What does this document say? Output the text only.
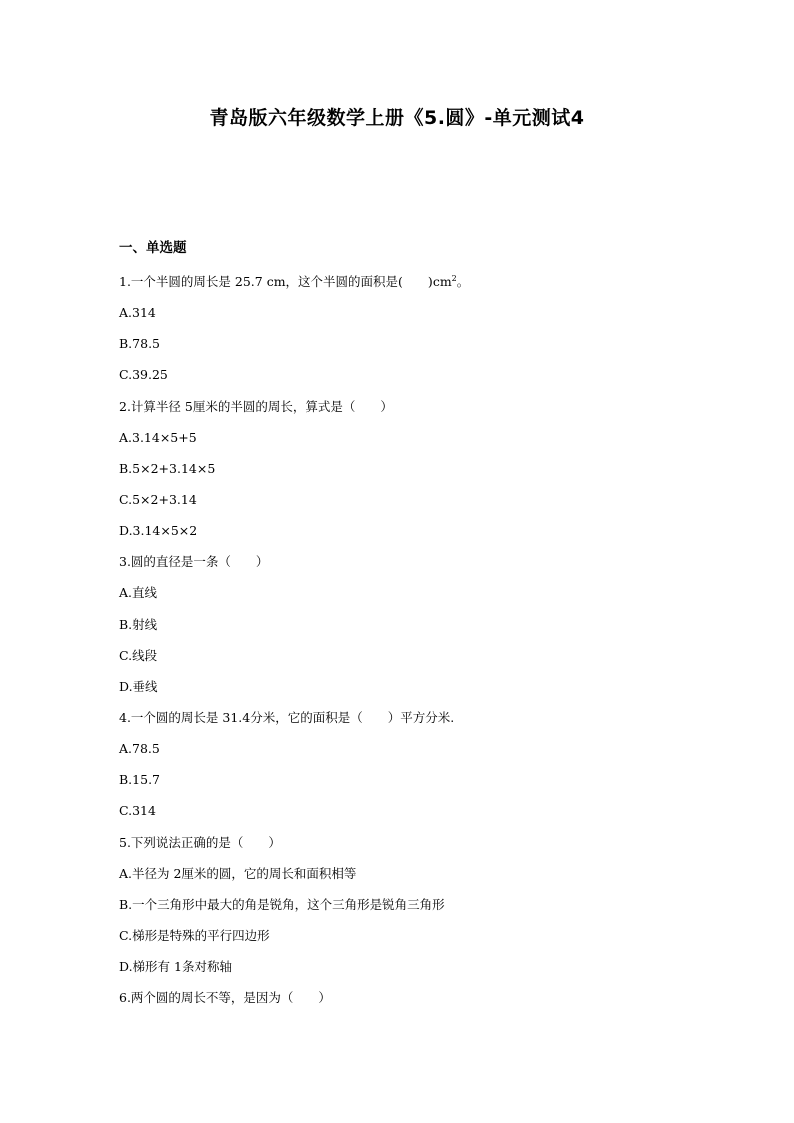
青岛版六年级数学上册《5.圆》-单元测试4
一、单选题
1.一个半圆的周长是 25.7 cm，这个半圆的面积是(　　)$cm^2$。
A.314
B.78.5
C.39.25
2.计算半径 5厘米的半圆的周长，算式是（　　）
A.3.14×5+5
B.5×2+3.14×5
C.5×2+3.14
D.3.14×5×2
3.圆的直径是一条（　　）
A.直线
B.射线
C.线段
D.垂线
4.一个圆的周长是 31.4分米，它的面积是（　　）平方分米.
A.78.5
B.15.7
C.314
5.下列说法正确的是（　　）
A.半径为 2厘米的圆，它的周长和面积相等
B.一个三角形中最大的角是锐角，这个三角形是锐角三角形
C.梯形是特殊的平行四边形
D.梯形有 1条对称轴
6.两个圆的周长不等，是因为（　　）
